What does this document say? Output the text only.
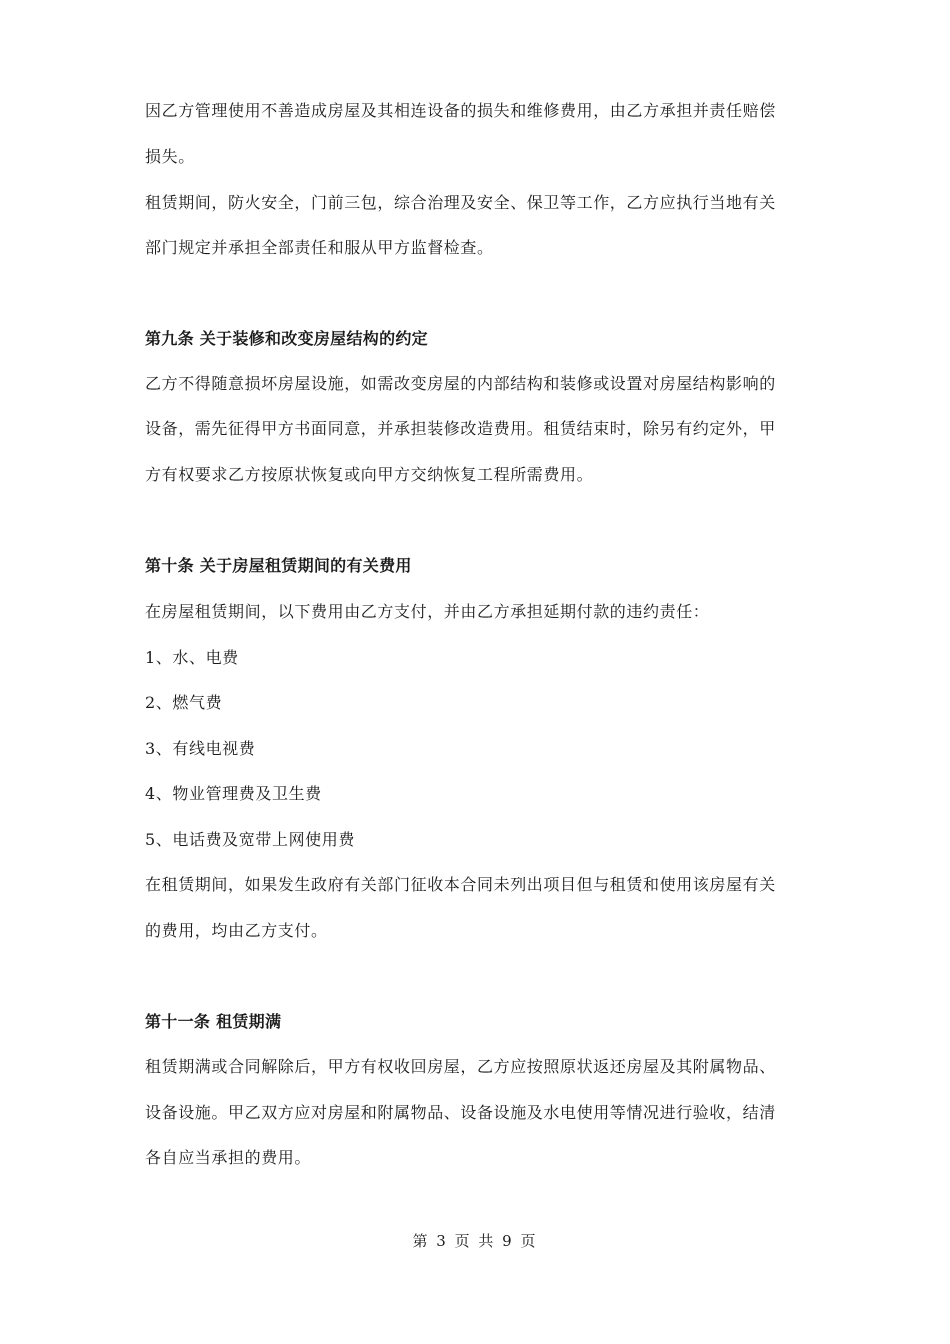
因乙方管理使用不善造成房屋及其相连设备的损失和维修费用，由乙方承担并责任赔偿
损失。
租赁期间，防火安全，门前三包，综合治理及安全、保卫等工作，乙方应执行当地有关
部门规定并承担全部责任和服从甲方监督检查。
第九条 关于装修和改变房屋结构的约定
乙方不得随意损坏房屋设施，如需改变房屋的内部结构和装修或设置对房屋结构影响的
设备，需先征得甲方书面同意，并承担装修改造费用。租赁结束时，除另有约定外，甲
方有权要求乙方按原状恢复或向甲方交纳恢复工程所需费用。
第十条 关于房屋租赁期间的有关费用
在房屋租赁期间，以下费用由乙方支付，并由乙方承担延期付款的违约责任：
1、水、电费
2、燃气费
3、有线电视费
4、物业管理费及卫生费
5、电话费及宽带上网使用费
在租赁期间，如果发生政府有关部门征收本合同未列出项目但与租赁和使用该房屋有关
的费用，均由乙方支付。
第十一条 租赁期满
租赁期满或合同解除后，甲方有权收回房屋，乙方应按照原状返还房屋及其附属物品、
设备设施。甲乙双方应对房屋和附属物品、设备设施及水电使用等情况进行验收，结清
各自应当承担的费用。
第 3 页 共 9 页
